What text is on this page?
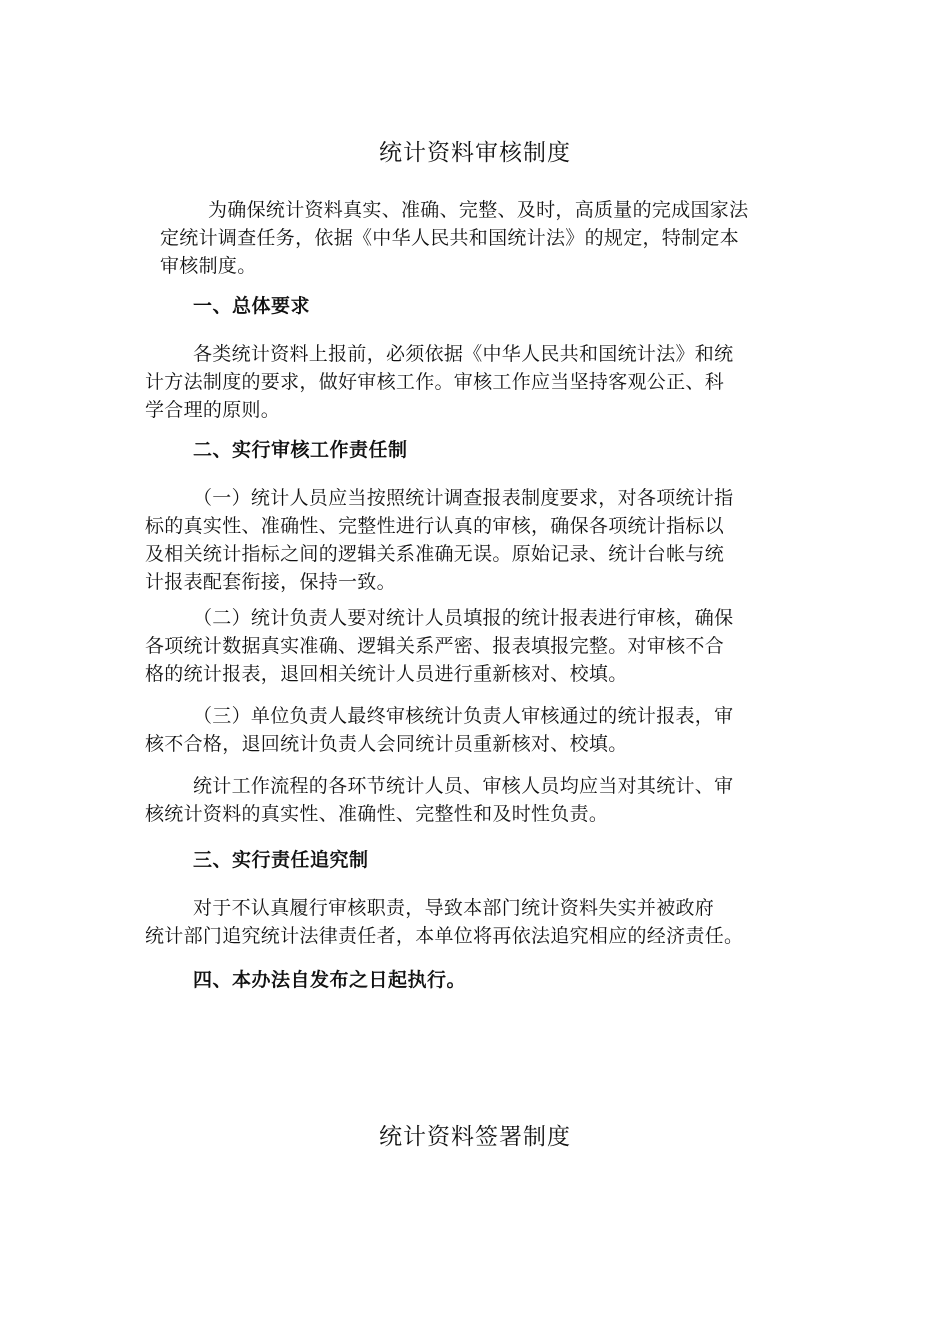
统计资料审核制度

为确保统计资料真实、准确、完整、及时，高质量的完成国家法
定统计调查任务，依据《中华人民共和国统计法》的规定，特制定本
审核制度。

一、总体要求

各类统计资料上报前，必须依据《中华人民共和国统计法》和统
计方法制度的要求，做好审核工作。审核工作应当坚持客观公正、科
学合理的原则。

二、实行审核工作责任制

（一）统计人员应当按照统计调查报表制度要求，对各项统计指
标的真实性、准确性、完整性进行认真的审核，确保各项统计指标以
及相关统计指标之间的逻辑关系准确无误。原始记录、统计台帐与统
计报表配套衔接，保持一致。

（二）统计负责人要对统计人员填报的统计报表进行审核，确保
各项统计数据真实准确、逻辑关系严密、报表填报完整。对审核不合
格的统计报表，退回相关统计人员进行重新核对、校填。

（三）单位负责人最终审核统计负责人审核通过的统计报表，审
核不合格，退回统计负责人会同统计员重新核对、校填。

统计工作流程的各环节统计人员、审核人员均应当对其统计、审
核统计资料的真实性、准确性、完整性和及时性负责。

三、实行责任追究制

对于不认真履行审核职责，导致本部门统计资料失实并被政府
统计部门追究统计法律责任者，本单位将再依法追究相应的经济责任。

四、本办法自发布之日起执行。
统计资料签署制度
